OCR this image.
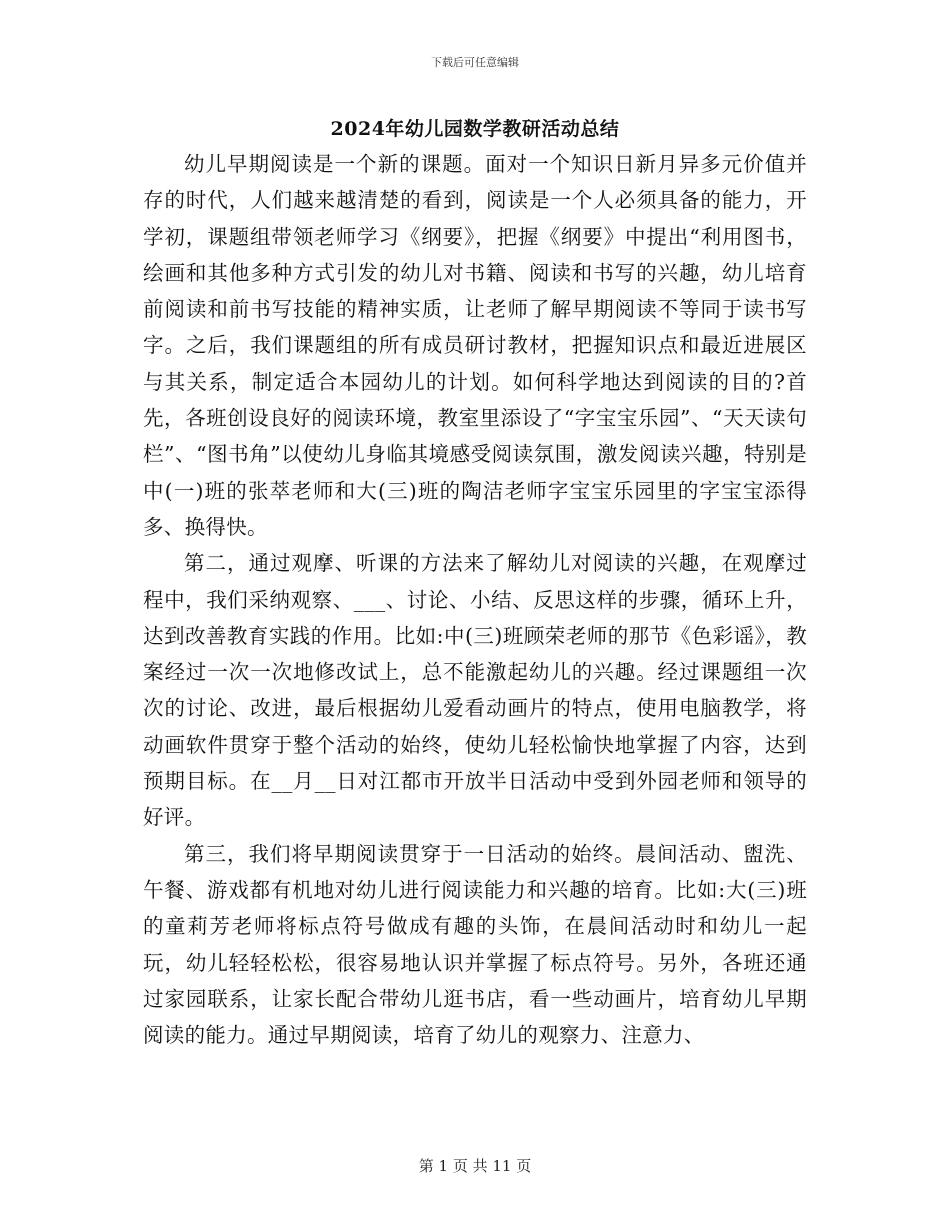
下载后可任意编辑
2024年幼儿园数学教研活动总结

幼儿早期阅读是一个新的课题。面对一个知识日新月异多元价值并存的时代，人们越来越清楚的看到，阅读是一个人必须具备的能力，开学初，课题组带领老师学习《纲要》，把握《纲要》中提出“利用图书，绘画和其他多种方式引发的幼儿对书籍、阅读和书写的兴趣，幼儿培育前阅读和前书写技能的精神实质，让老师了解早期阅读不等同于读书写字。之后，我们课题组的所有成员研讨教材，把握知识点和最近进展区与其关系，制定适合本园幼儿的计划。如何科学地达到阅读的目的?首先，各班创设良好的阅读环境，教室里添设了“字宝宝乐园”、“天天读句栏”、“图书角”以使幼儿身临其境感受阅读氛围，激发阅读兴趣，特别是中(一)班的张萃老师和大(三)班的陶洁老师字宝宝乐园里的字宝宝添得多、换得快。

第二，通过观摩、听课的方法来了解幼儿对阅读的兴趣，在观摩过程中，我们采纳观察、___、讨论、小结、反思这样的步骤，循环上升，达到改善教育实践的作用。比如:中(三)班顾荣老师的那节《色彩谣》，教案经过一次一次地修改试上，总不能激起幼儿的兴趣。经过课题组一次次的讨论、改进，最后根据幼儿爱看动画片的特点，使用电脑教学，将动画软件贯穿于整个活动的始终，使幼儿轻松愉快地掌握了内容，达到预期目标。在__月__日对江都市开放半日活动中受到外园老师和领导的好评。

第三，我们将早期阅读贯穿于一日活动的始终。晨间活动、盥洗、午餐、游戏都有机地对幼儿进行阅读能力和兴趣的培育。比如:大(三)班的童莉芳老师将标点符号做成有趣的头饰，在晨间活动时和幼儿一起玩，幼儿轻轻松松，很容易地认识并掌握了标点符号。另外，各班还通过家园联系，让家长配合带幼儿逛书店，看一些动画片，培育幼儿早期阅读的能力。通过早期阅读，培育了幼儿的观察力、注意力、

第 1 页 共 11 页
